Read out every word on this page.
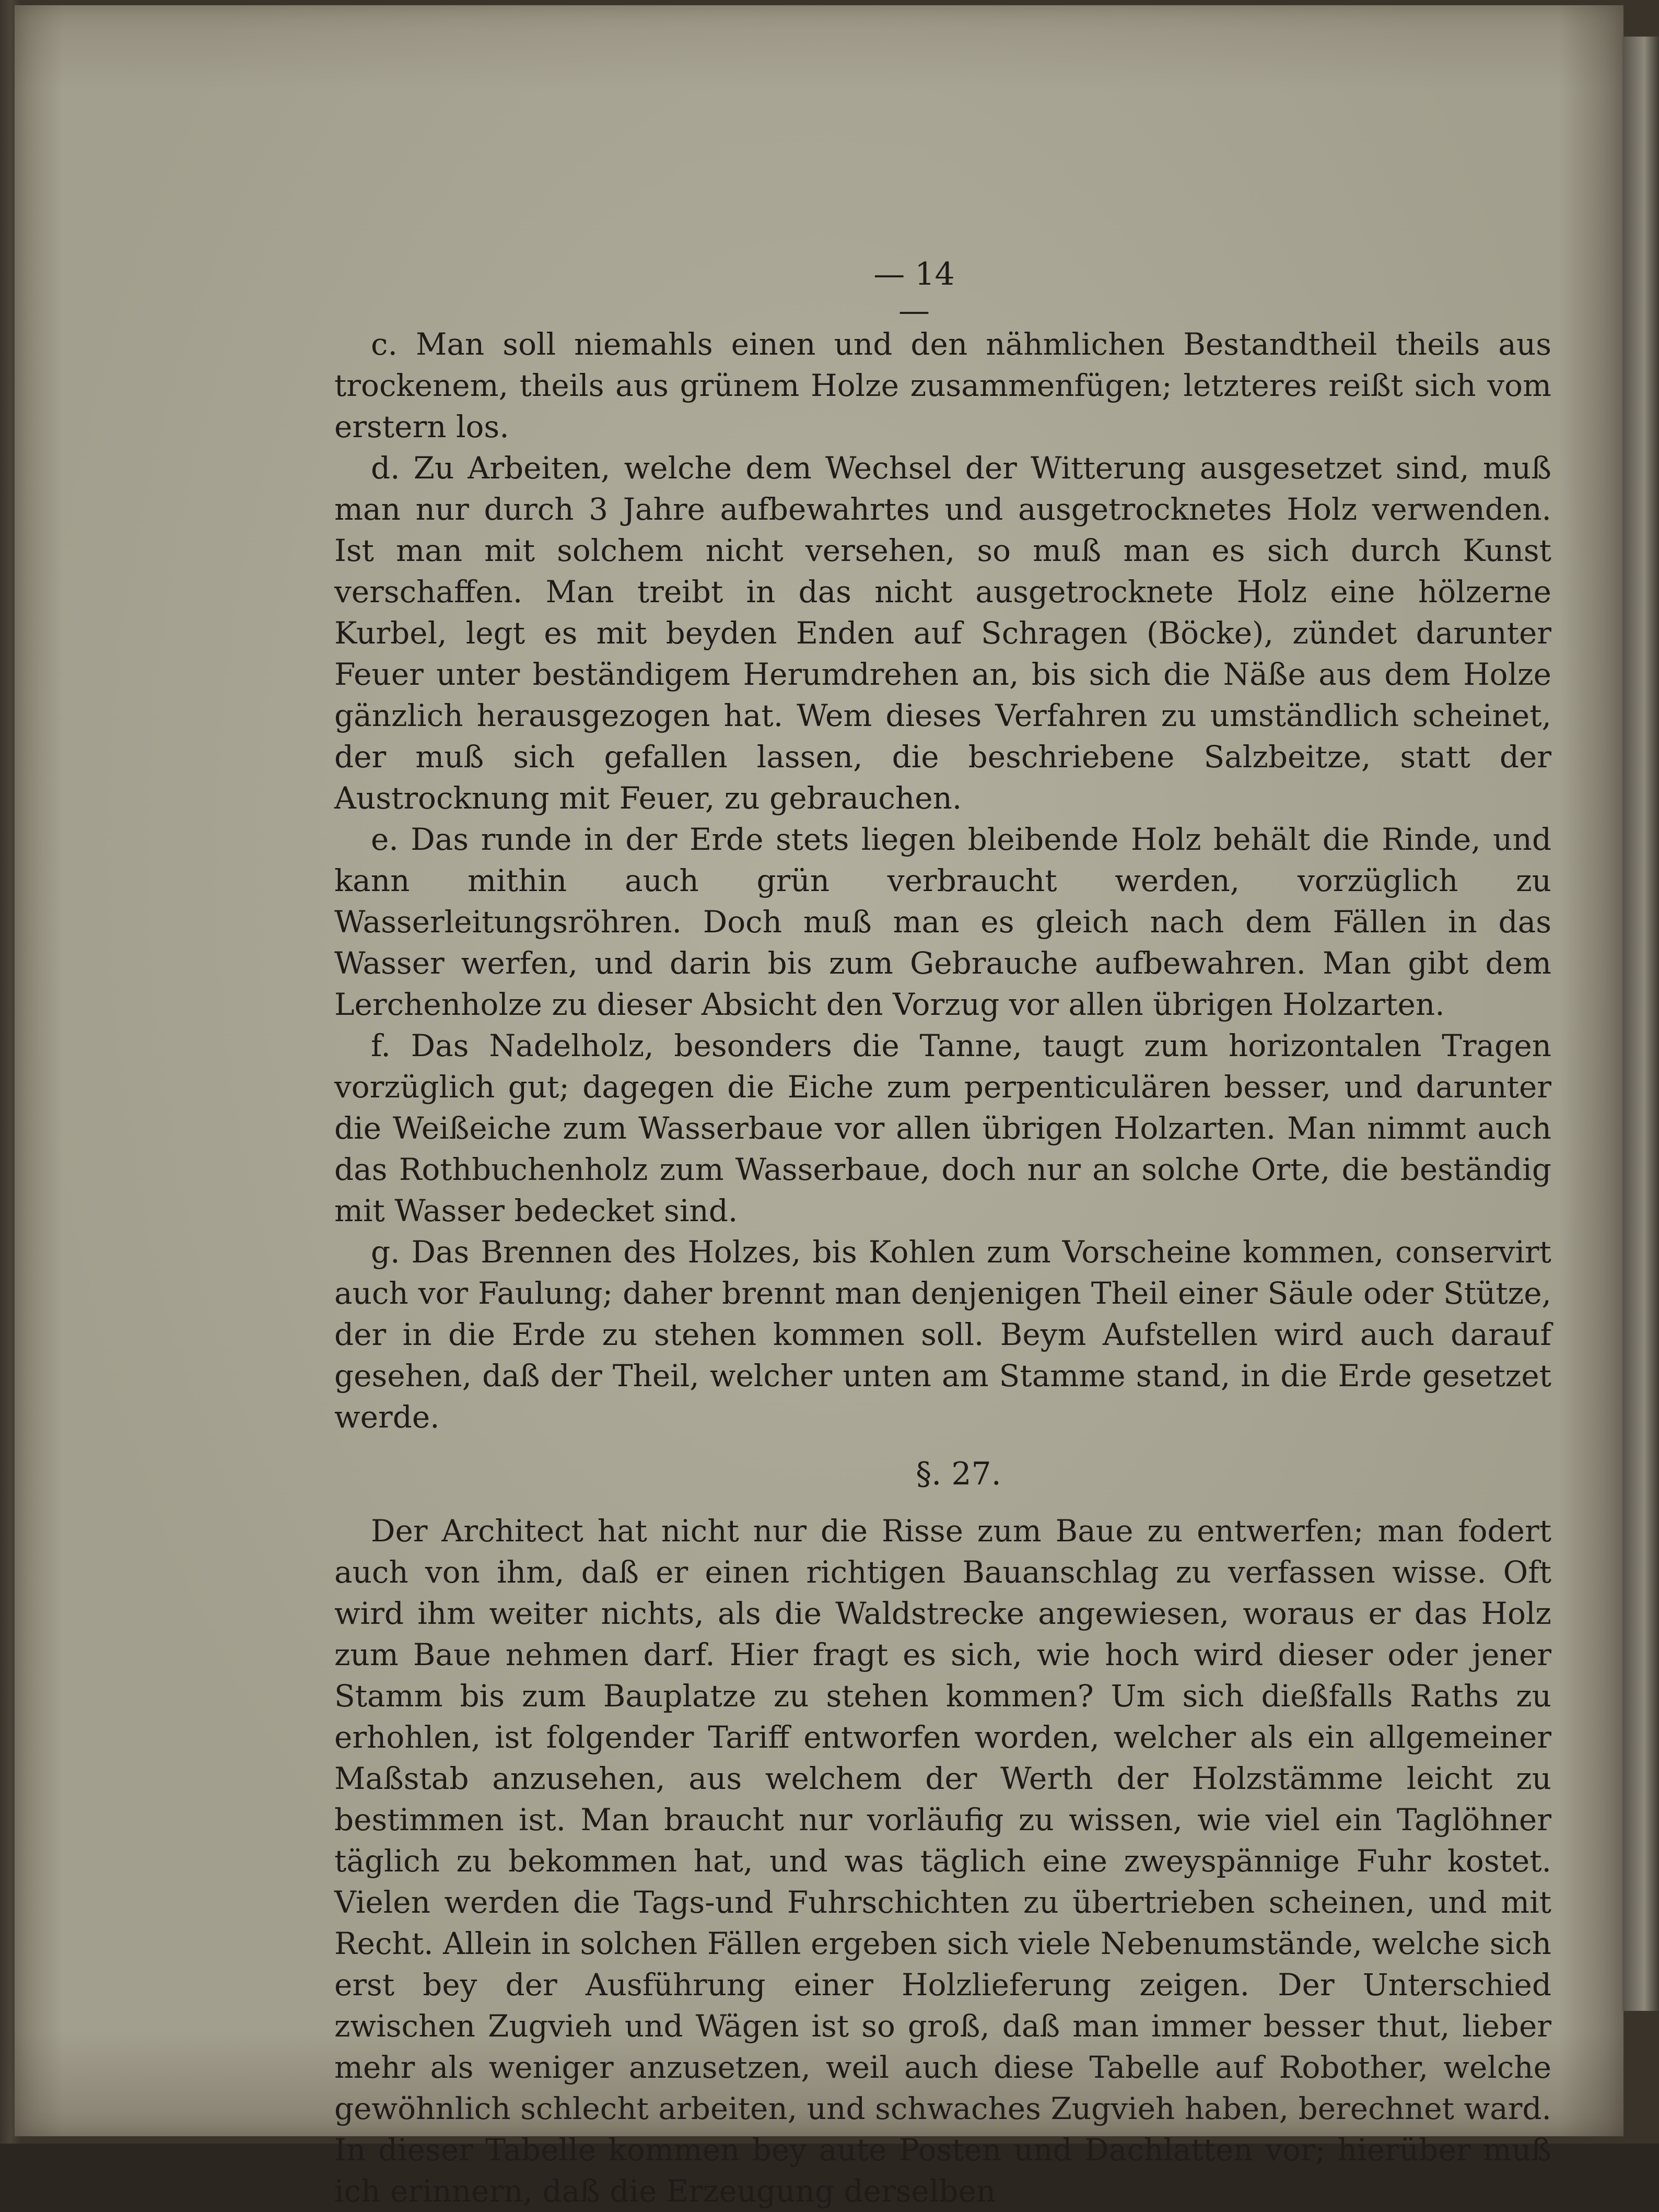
— 14 —

c. Man soll niemahls einen und den nähmlichen Bestandtheil theils aus trockenem, theils aus grünem Holze zusammenfügen; letzteres reißt sich vom erstern los.

d. Zu Arbeiten, welche dem Wechsel der Witterung ausgesetzet sind, muß man nur durch 3 Jahre aufbewahrtes und ausgetrocknetes Holz verwenden. Ist man mit solchem nicht versehen, so muß man es sich durch Kunst verschaffen. Man treibt in das nicht ausgetrocknete Holz eine hölzerne Kurbel, legt es mit beyden Enden auf Schragen (Böcke), zündet darunter Feuer unter beständigem Herumdrehen an, bis sich die Näße aus dem Holze gänzlich herausgezogen hat. Wem dieses Verfahren zu umständlich scheinet, der muß sich gefallen lassen, die beschriebene Salzbeitze, statt der Austrocknung mit Feuer, zu gebrauchen.

e. Das runde in der Erde stets liegen bleibende Holz behält die Rinde, und kann mithin auch grün verbraucht werden, vorzüglich zu Wasserleitungsröhren. Doch muß man es gleich nach dem Fällen in das Wasser werfen, und darin bis zum Gebrauche aufbewahren. Man gibt dem Lerchenholze zu dieser Absicht den Vorzug vor allen übrigen Holzarten.

f. Das Nadelholz, besonders die Tanne, taugt zum horizontalen Tragen vorzüglich gut; dagegen die Eiche zum perpenticulären besser, und darunter die Weißeiche zum Wasserbaue vor allen übrigen Holzarten. Man nimmt auch das Rothbuchenholz zum Wasserbaue, doch nur an solche Orte, die beständig mit Wasser bedecket sind.

g. Das Brennen des Holzes, bis Kohlen zum Vorscheine kommen, conservirt auch vor Faulung; daher brennt man denjenigen Theil einer Säule oder Stütze, der in die Erde zu stehen kommen soll. Beym Aufstellen wird auch darauf gesehen, daß der Theil, welcher unten am Stamme stand, in die Erde gesetzet werde.

§. 27.

Der Architect hat nicht nur die Risse zum Baue zu entwerfen; man fodert auch von ihm, daß er einen richtigen Bauanschlag zu verfassen wisse. Oft wird ihm weiter nichts, als die Waldstrecke angewiesen, woraus er das Holz zum Baue nehmen darf. Hier fragt es sich, wie hoch wird dieser oder jener Stamm bis zum Bauplatze zu stehen kommen? Um sich dießfalls Raths zu erhohlen, ist folgender Tariff entworfen worden, welcher als ein allgemeiner Maßstab anzusehen, aus welchem der Werth der Holzstämme leicht zu bestimmen ist. Man braucht nur vorläufig zu wissen, wie viel ein Taglöhner täglich zu bekommen hat, und was täglich eine zweyspännige Fuhr kostet. Vielen werden die Tags-und Fuhrschichten zu übertrieben scheinen, und mit Recht. Allein in solchen Fällen ergeben sich viele Nebenumstände, welche sich erst bey der Ausführung einer Holzlieferung zeigen. Der Unterschied zwischen Zugvieh und Wägen ist so groß, daß man immer besser thut, lieber mehr als weniger anzusetzen, weil auch diese Tabelle auf Robother, welche gewöhnlich schlecht arbeiten, und schwaches Zugvieh haben, berechnet ward. In dieser Tabelle kommen bey aute Posten und Dachlatten vor; hierüber muß ich erinnern, daß die Erzeugung derselben
